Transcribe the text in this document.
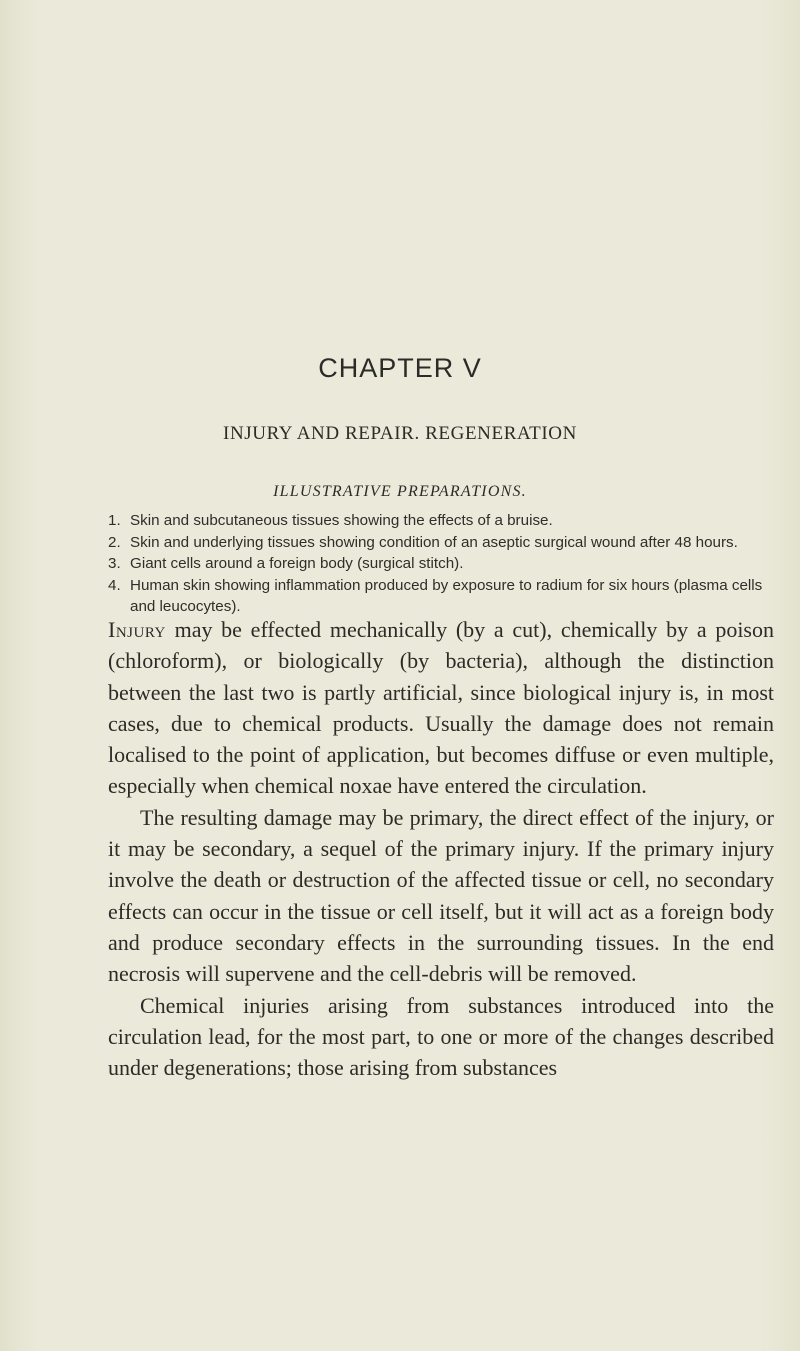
CHAPTER V
INJURY AND REPAIR. REGENERATION
ILLUSTRATIVE PREPARATIONS.
1. Skin and subcutaneous tissues showing the effects of a bruise.
2. Skin and underlying tissues showing condition of an aseptic surgical wound after 48 hours.
3. Giant cells around a foreign body (surgical stitch).
4. Human skin showing inflammation produced by exposure to radium for six hours (plasma cells and leucocytes).

Injury may be effected mechanically (by a cut), chemically by a poison (chloroform), or biologically (by bacteria), although the distinction between the last two is partly artificial, since biological injury is, in most cases, due to chemical products. Usually the damage does not remain localised to the point of application, but becomes diffuse or even multiple, especially when chemical noxae have entered the circulation.

The resulting damage may be primary, the direct effect of the injury, or it may be secondary, a sequel of the primary injury. If the primary injury involve the death or destruction of the affected tissue or cell, no secondary effects can occur in the tissue or cell itself, but it will act as a foreign body and produce secondary effects in the surrounding tissues. In the end necrosis will supervene and the cell-debris will be removed.

Chemical injuries arising from substances introduced into the circulation lead, for the most part, to one or more of the changes described under degenerations; those arising from substances
